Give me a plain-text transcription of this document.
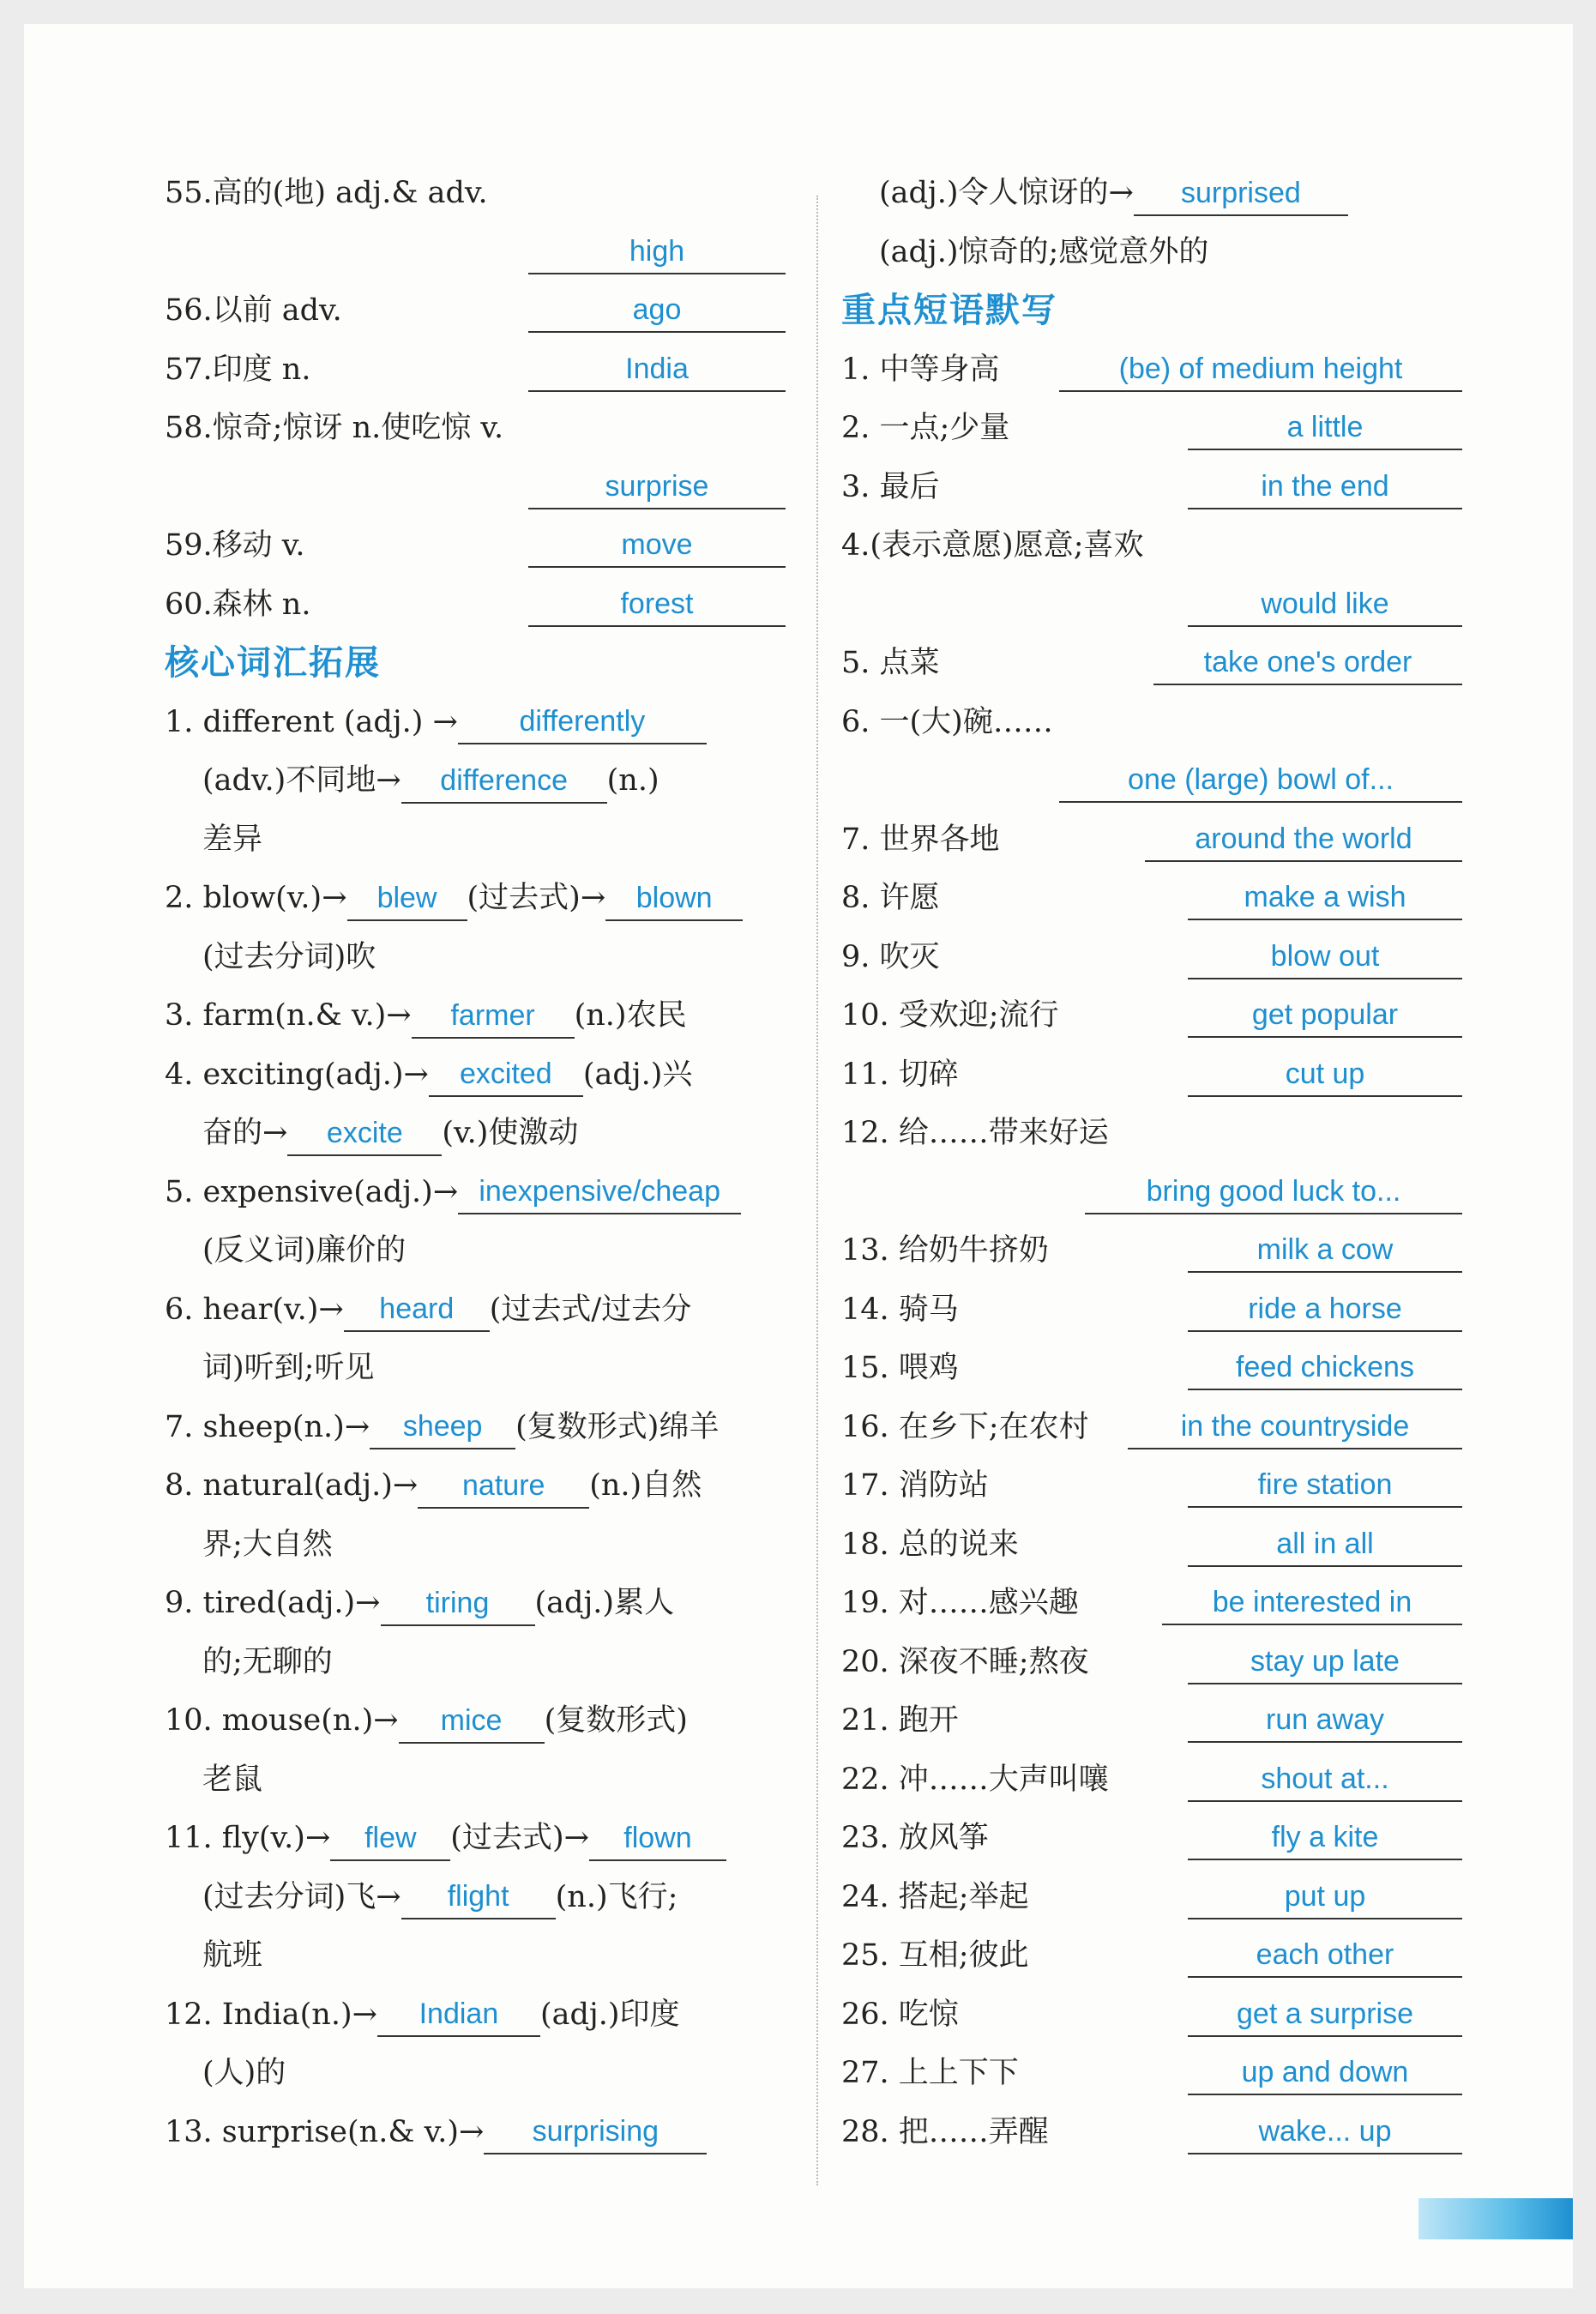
55.高的(地) adj.& adv.
high
56.以前 adv.	ago
57.印度 n.	India
58.惊奇;惊讶 n.使吃惊 v.
surprise
59.移动 v.	move
60.森林 n.	forest
核心词汇拓展
1. different (adj.) → differently
(adv.)不同地→ difference (n.)
差异
2. blow(v.)→ blew (过去式)→ blown
(过去分词)吹
3. farm(n.& v.)→ farmer (n.)农民
4. exciting(adj.)→ excited (adj.)兴
奋的→ excite (v.)使激动
5. expensive(adj.)→ inexpensive/cheap
(反义词)廉价的
6. hear(v.)→ heard (过去式/过去分
词)听到;听见
7. sheep(n.)→ sheep (复数形式)绵羊
8. natural(adj.)→ nature (n.)自然
界;大自然
9. tired(adj.)→ tiring (adj.)累人
的;无聊的
10. mouse(n.)→ mice (复数形式)
老鼠
11. fly(v.)→ flew (过去式)→ flown
(过去分词)飞→ flight (n.)飞行;
航班
12. India(n.)→ Indian (adj.)印度
(人)的
13. surprise(n.& v.)→ surprising
(adj.)令人惊讶的→ surprised
(adj.)惊奇的;感觉意外的
重点短语默写
1. 中等身高	(be) of medium height
2. 一点;少量	a little
3. 最后	in the end
4.(表示意愿)愿意;喜欢
would like
5. 点菜	take one's order
6. 一(大)碗……
one (large) bowl of...
7. 世界各地	around the world
8. 许愿	make a wish
9. 吹灭	blow out
10. 受欢迎;流行	get popular
11. 切碎	cut up
12. 给……带来好运
bring good luck to...
13. 给奶牛挤奶	milk a cow
14. 骑马	ride a horse
15. 喂鸡	feed chickens
16. 在乡下;在农村	in the countryside
17. 消防站	fire station
18. 总的说来	all in all
19. 对……感兴趣	be interested in
20. 深夜不睡;熬夜	stay up late
21. 跑开	run away
22. 冲……大声叫嚷	shout at...
23. 放风筝	fly a kite
24. 搭起;举起	put up
25. 互相;彼此	each other
26. 吃惊	get a surprise
27. 上上下下	up and down
28. 把……弄醒	wake... up
